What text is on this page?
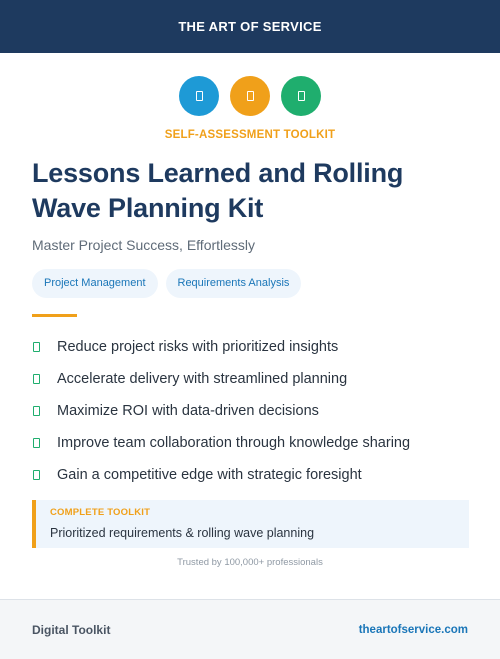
THE ART OF SERVICE
SELF-ASSESSMENT TOOLKIT
Lessons Learned and Rolling Wave Planning Kit
Master Project Success, Effortlessly
Project Management	Requirements Analysis
Reduce project risks with prioritized insights
Accelerate delivery with streamlined planning
Maximize ROI with data-driven decisions
Improve team collaboration through knowledge sharing
Gain a competitive edge with strategic foresight
COMPLETE TOOLKIT
Prioritized requirements & rolling wave planning
Trusted by 100,000+ professionals
Digital Toolkit	theartofservice.com
